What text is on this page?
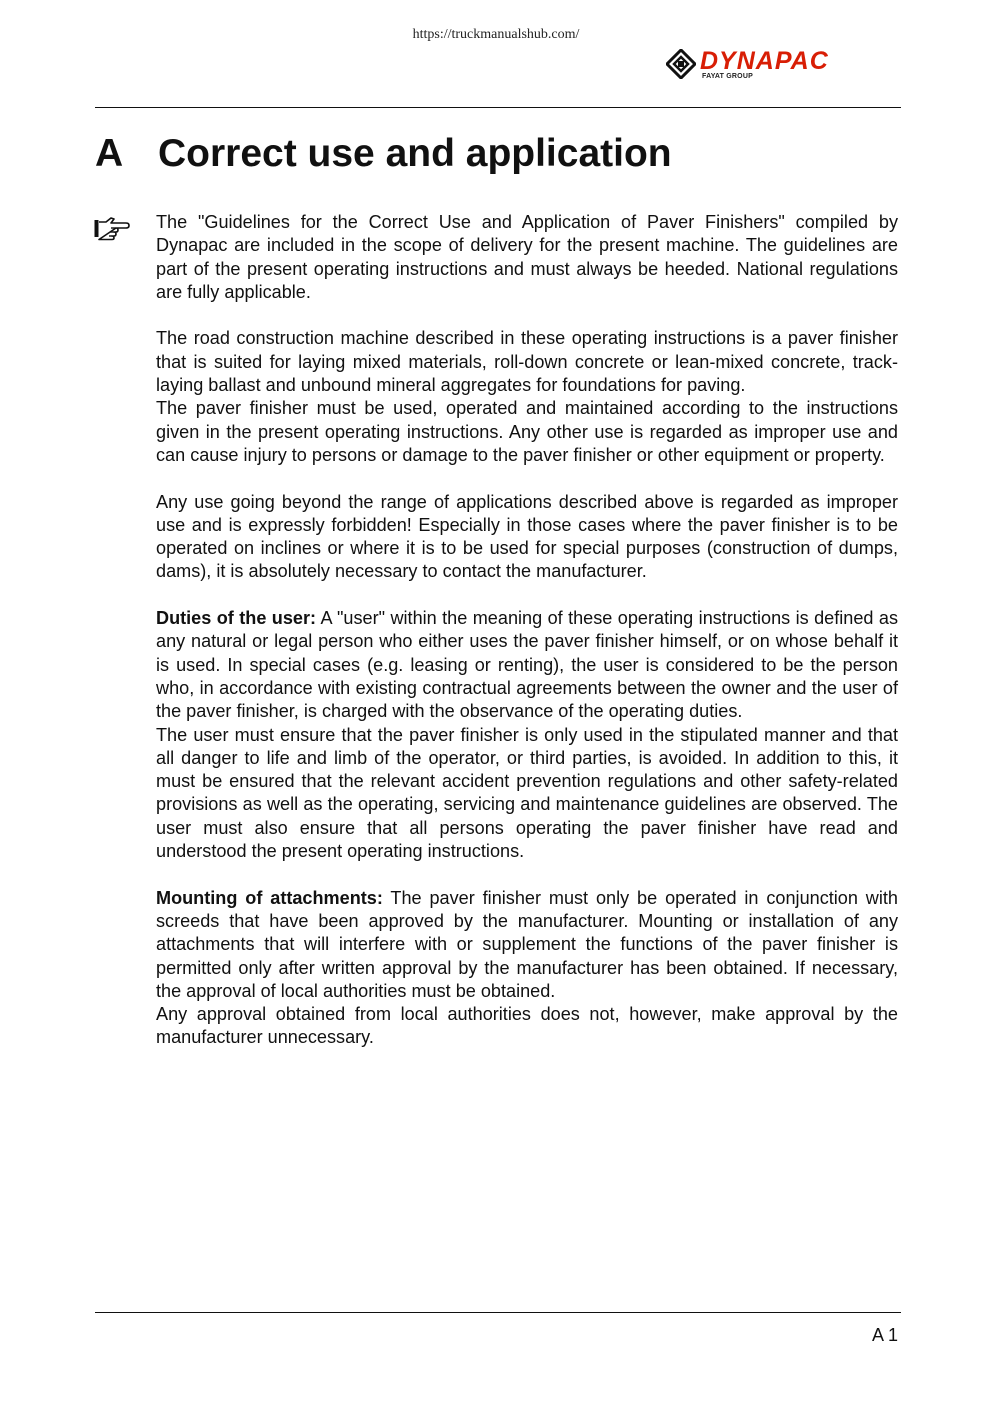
https://truckmanualshub.com/
DYNAPAC
FAYAT GROUP
A Correct use and application

The "Guidelines for the Correct Use and Application of Paver Finishers" compiled by Dynapac are included in the scope of delivery for the present machine. The guidelines are part of the present operating instructions and must always be heeded. National regulations are fully applicable.

The road construction machine described in these operating instructions is a paver finisher that is suited for laying mixed materials, roll-down concrete or lean-mixed concrete, track-laying ballast and unbound mineral aggregates for foundations for paving.

The paver finisher must be used, operated and maintained according to the instructions given in the present operating instructions. Any other use is regarded as improper use and can cause injury to persons or damage to the paver finisher or other equipment or property.

Any use going beyond the range of applications described above is regarded as improper use and is expressly forbidden! Especially in those cases where the paver finisher is to be operated on inclines or where it is to be used for special purposes (construction of dumps, dams), it is absolutely necessary to contact the manufacturer.

Duties of the user: A "user" within the meaning of these operating instructions is defined as any natural or legal person who either uses the paver finisher himself, or on whose behalf it is used. In special cases (e.g. leasing or renting), the user is considered to be the person who, in accordance with existing contractual agreements between the owner and the user of the paver finisher, is charged with the observance of the operating duties.

The user must ensure that the paver finisher is only used in the stipulated manner and that all danger to life and limb of the operator, or third parties, is avoided. In addition to this, it must be ensured that the relevant accident prevention regulations and other safety-related provisions as well as the operating, servicing and maintenance guidelines are observed. The user must also ensure that all persons operating the paver finisher have read and understood the present operating instructions.

Mounting of attachments: The paver finisher must only be operated in conjunction with screeds that have been approved by the manufacturer. Mounting or installation of any attachments that will interfere with or supplement the functions of the paver finisher is permitted only after written approval by the manufacturer has been obtained. If necessary, the approval of local authorities must be obtained.

Any approval obtained from local authorities does not, however, make approval by the manufacturer unnecessary.

A 1
